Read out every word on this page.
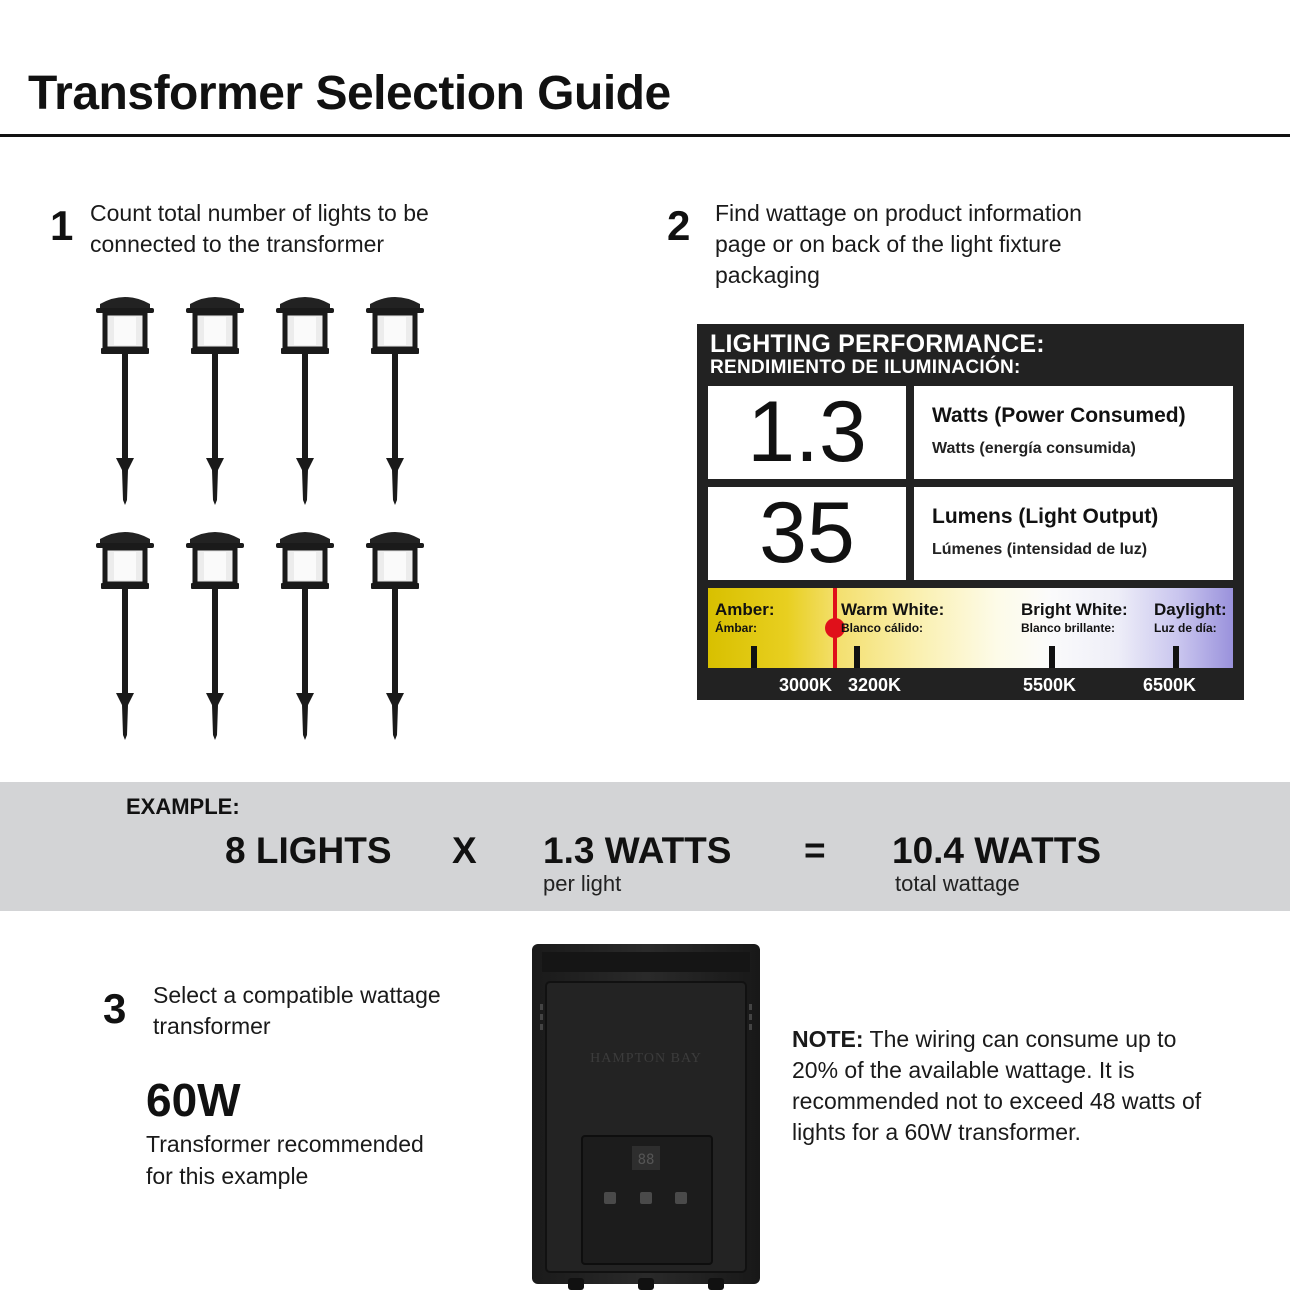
Transformer Selection Guide
1 Count total number of lights to be
connected to the transformer	2 Find wattage on product information
page or on back of the light fixture
packaging
LIGHTING PERFORMANCE:
RENDIMIENTO DE ILUMINACIÓN:
1.3	Watts (Power Consumed)
Watts (energía consumida)
35	Lumens (Light Output)
Lúmenes (intensidad de luz)
Amber:
Ámbar:
Warm White:
Blanco cálido:
Bright White:
Blanco brillante:
Daylight:
Luz de día:
3000K 3200K	5500K	6500K
EXAMPLE:
8 LIGHTS X 1.3 WATTS
per light
= 10.4 WATTS
total wattage
3 Select a compatible wattage
transformer
60W
Transformer recommended
for this example
HAMPTON BAY
88
NOTE: The wiring can consume up to 20% of the available wattage. It is recommended not to exceed 48 watts of lights for a 60W transformer.
